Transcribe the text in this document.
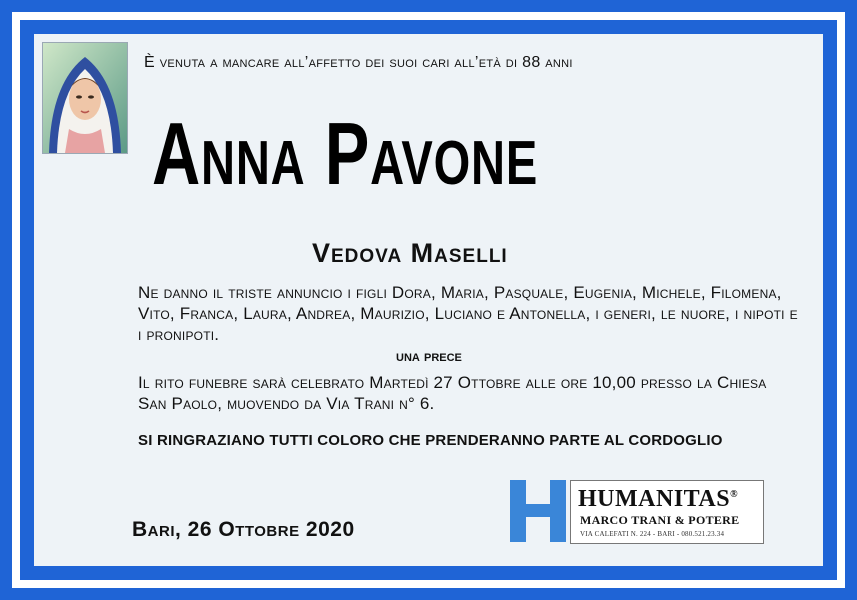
È venuta a mancare all’affetto dei suoi cari all’età di 88 anni
Anna Pavone
Vedova Maselli
Ne danno il triste annuncio i figli Dora, Maria, Pasquale, Eugenia, Michele, Filomena, Vito, Franca, Laura, Andrea, Maurizio, Luciano e Antonella, i generi, le nuore, i nipoti e i pronipoti.
una prece
Il rito funebre sarà celebrato Martedì 27 Ottobre alle ore 10,00 presso la Chiesa San Paolo, muovendo da Via Trani n° 6.
SI RINGRAZIANO TUTTI COLORO CHE PRENDERANNO PARTE AL CORDOGLIO
Bari, 26 Ottobre 2020
HUMANITAS®
MARCO TRANI & POTERE
VIA CALEFATI N. 224 - BARI - 080.521.23.34
